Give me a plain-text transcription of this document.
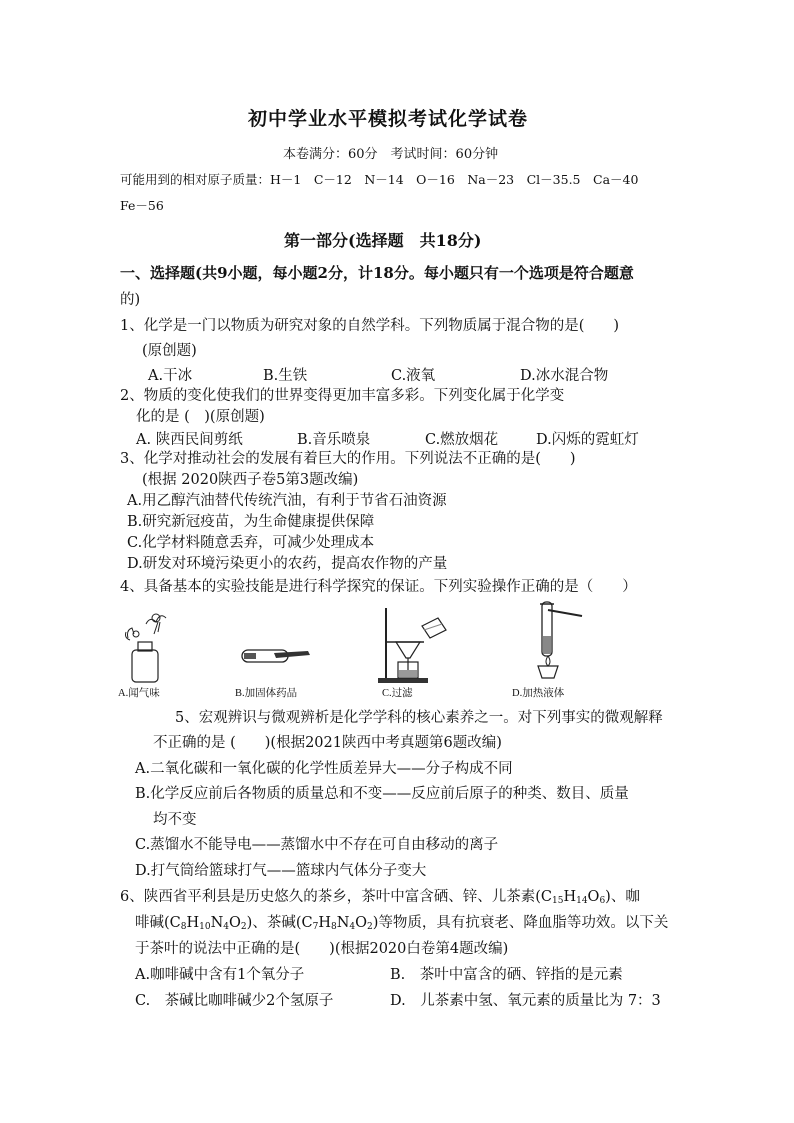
初中学业水平模拟考试化学试卷
本卷满分：60分　考试时间：60分钟
可能用到的相对原子质量：H－1　C－12　N－14　O－16　Na－23　Cl－35.5　Ca－40
Fe－56
第一部分(选择题　共18分)
一、选择题(共9小题，每小题2分，计18分。每小题只有一个选项是符合题意
的)
1、化学是一门以物质为研究对象的自然学科。下列物质属于混合物的是(　　)
(原创题)
A.干冰	B.生铁	C.液氧	D.冰水混合物
2、物质的变化使我们的世界变得更加丰富多彩。下列变化属于化学变
化的是 (　)(原创题)
A. 陕西民间剪纸	B.音乐喷泉	C.燃放烟花	D.闪烁的霓虹灯
3、化学对推动社会的发展有着巨大的作用。下列说法不正确的是(　　)
(根据 2020陕西子卷5第3题改编)
A.用乙醇汽油替代传统汽油，有利于节省石油资源
B.研究新冠疫苗，为生命健康提供保障
C.化学材料随意丢弃，可减少处理成本
D.研发对环境污染更小的农药，提高农作物的产量
4、具备基本的实验技能是进行科学探究的保证。下列实验操作正确的是（　　）
A.闻气味	B.加固体药品	C.过滤	D.加热液体
5、宏观辨识与微观辨析是化学学科的核心素养之一。对下列事实的微观解释
不正确的是 (　　)(根据2021陕西中考真题第6题改编)
A.二氧化碳和一氧化碳的化学性质差异大——分子构成不同
B.化学反应前后各物质的质量总和不变——反应前后原子的种类、数目、质量
均不变
C.蒸馏水不能导电——蒸馏水中不存在可自由移动的离子
D.打气筒给篮球打气——篮球内气体分子变大
6、陕西省平利县是历史悠久的茶乡，茶叶中富含硒、锌、儿茶素$(C_{15}H_{14}O_6)$、咖
啡碱$(C_8H_{10}N_4O_2)$、茶碱$(C_7H_8N_4O_2)$等物质，具有抗衰老、降血脂等功效。以下关
于茶叶的说法中正确的是(　　)(根据2020白卷第4题改编)
A.咖啡碱中含有1个氧分子	B.　茶叶中富含的硒、锌指的是元素
C.　茶碱比咖啡碱少2个氢原子	D.　儿茶素中氢、氧元素的质量比为 7：3
